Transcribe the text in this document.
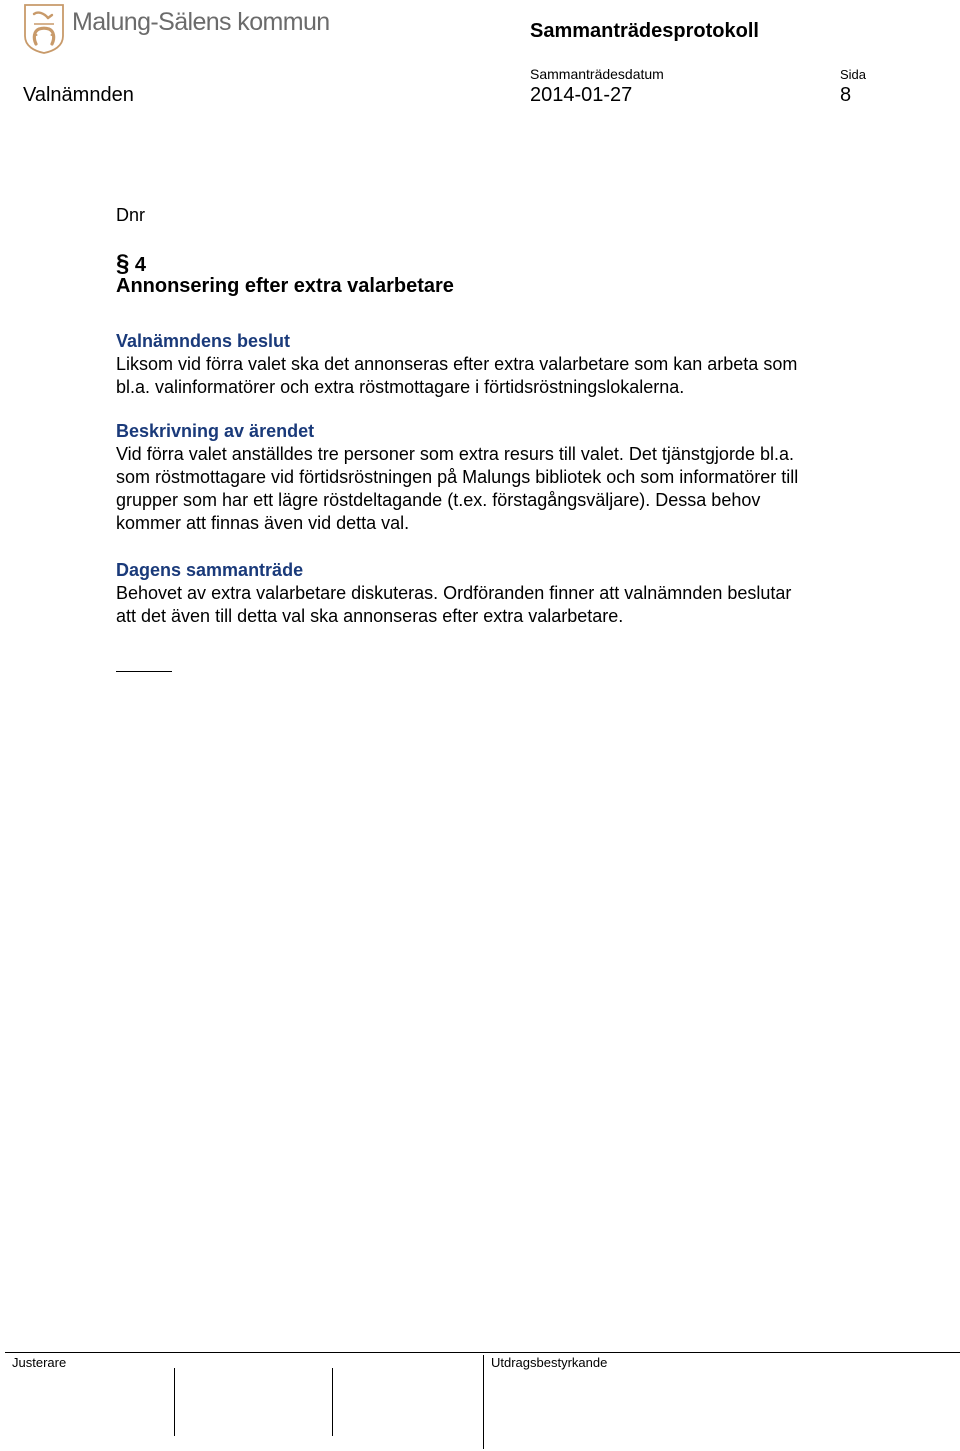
Malung-Sälens kommun	Sammanträdesprotokoll
Sammanträdesdatum	Sida
Valnämnden	2014-01-27	8
Dnr
§ 4
Annonsering efter extra valarbetare
Valnämndens beslut

Liksom vid förra valet ska det annonseras efter extra valarbetare som kan arbeta som

bl.a. valinformatörer och extra röstmottagare i förtidsröstningslokalerna.

Beskrivning av ärendet

Vid förra valet anställdes tre personer som extra resurs till valet. Det tjänstgjorde bl.a.

som röstmottagare vid förtidsröstningen på Malungs bibliotek och som informatörer till

grupper som har ett lägre röstdeltagande (t.ex. förstagångsväljare). Dessa behov

kommer att finnas även vid detta val.

Dagens sammanträde

Behovet av extra valarbetare diskuteras. Ordföranden finner att valnämnden beslutar

att det även till detta val ska annonseras efter extra valarbetare.

Justerare	Utdragsbestyrkande
